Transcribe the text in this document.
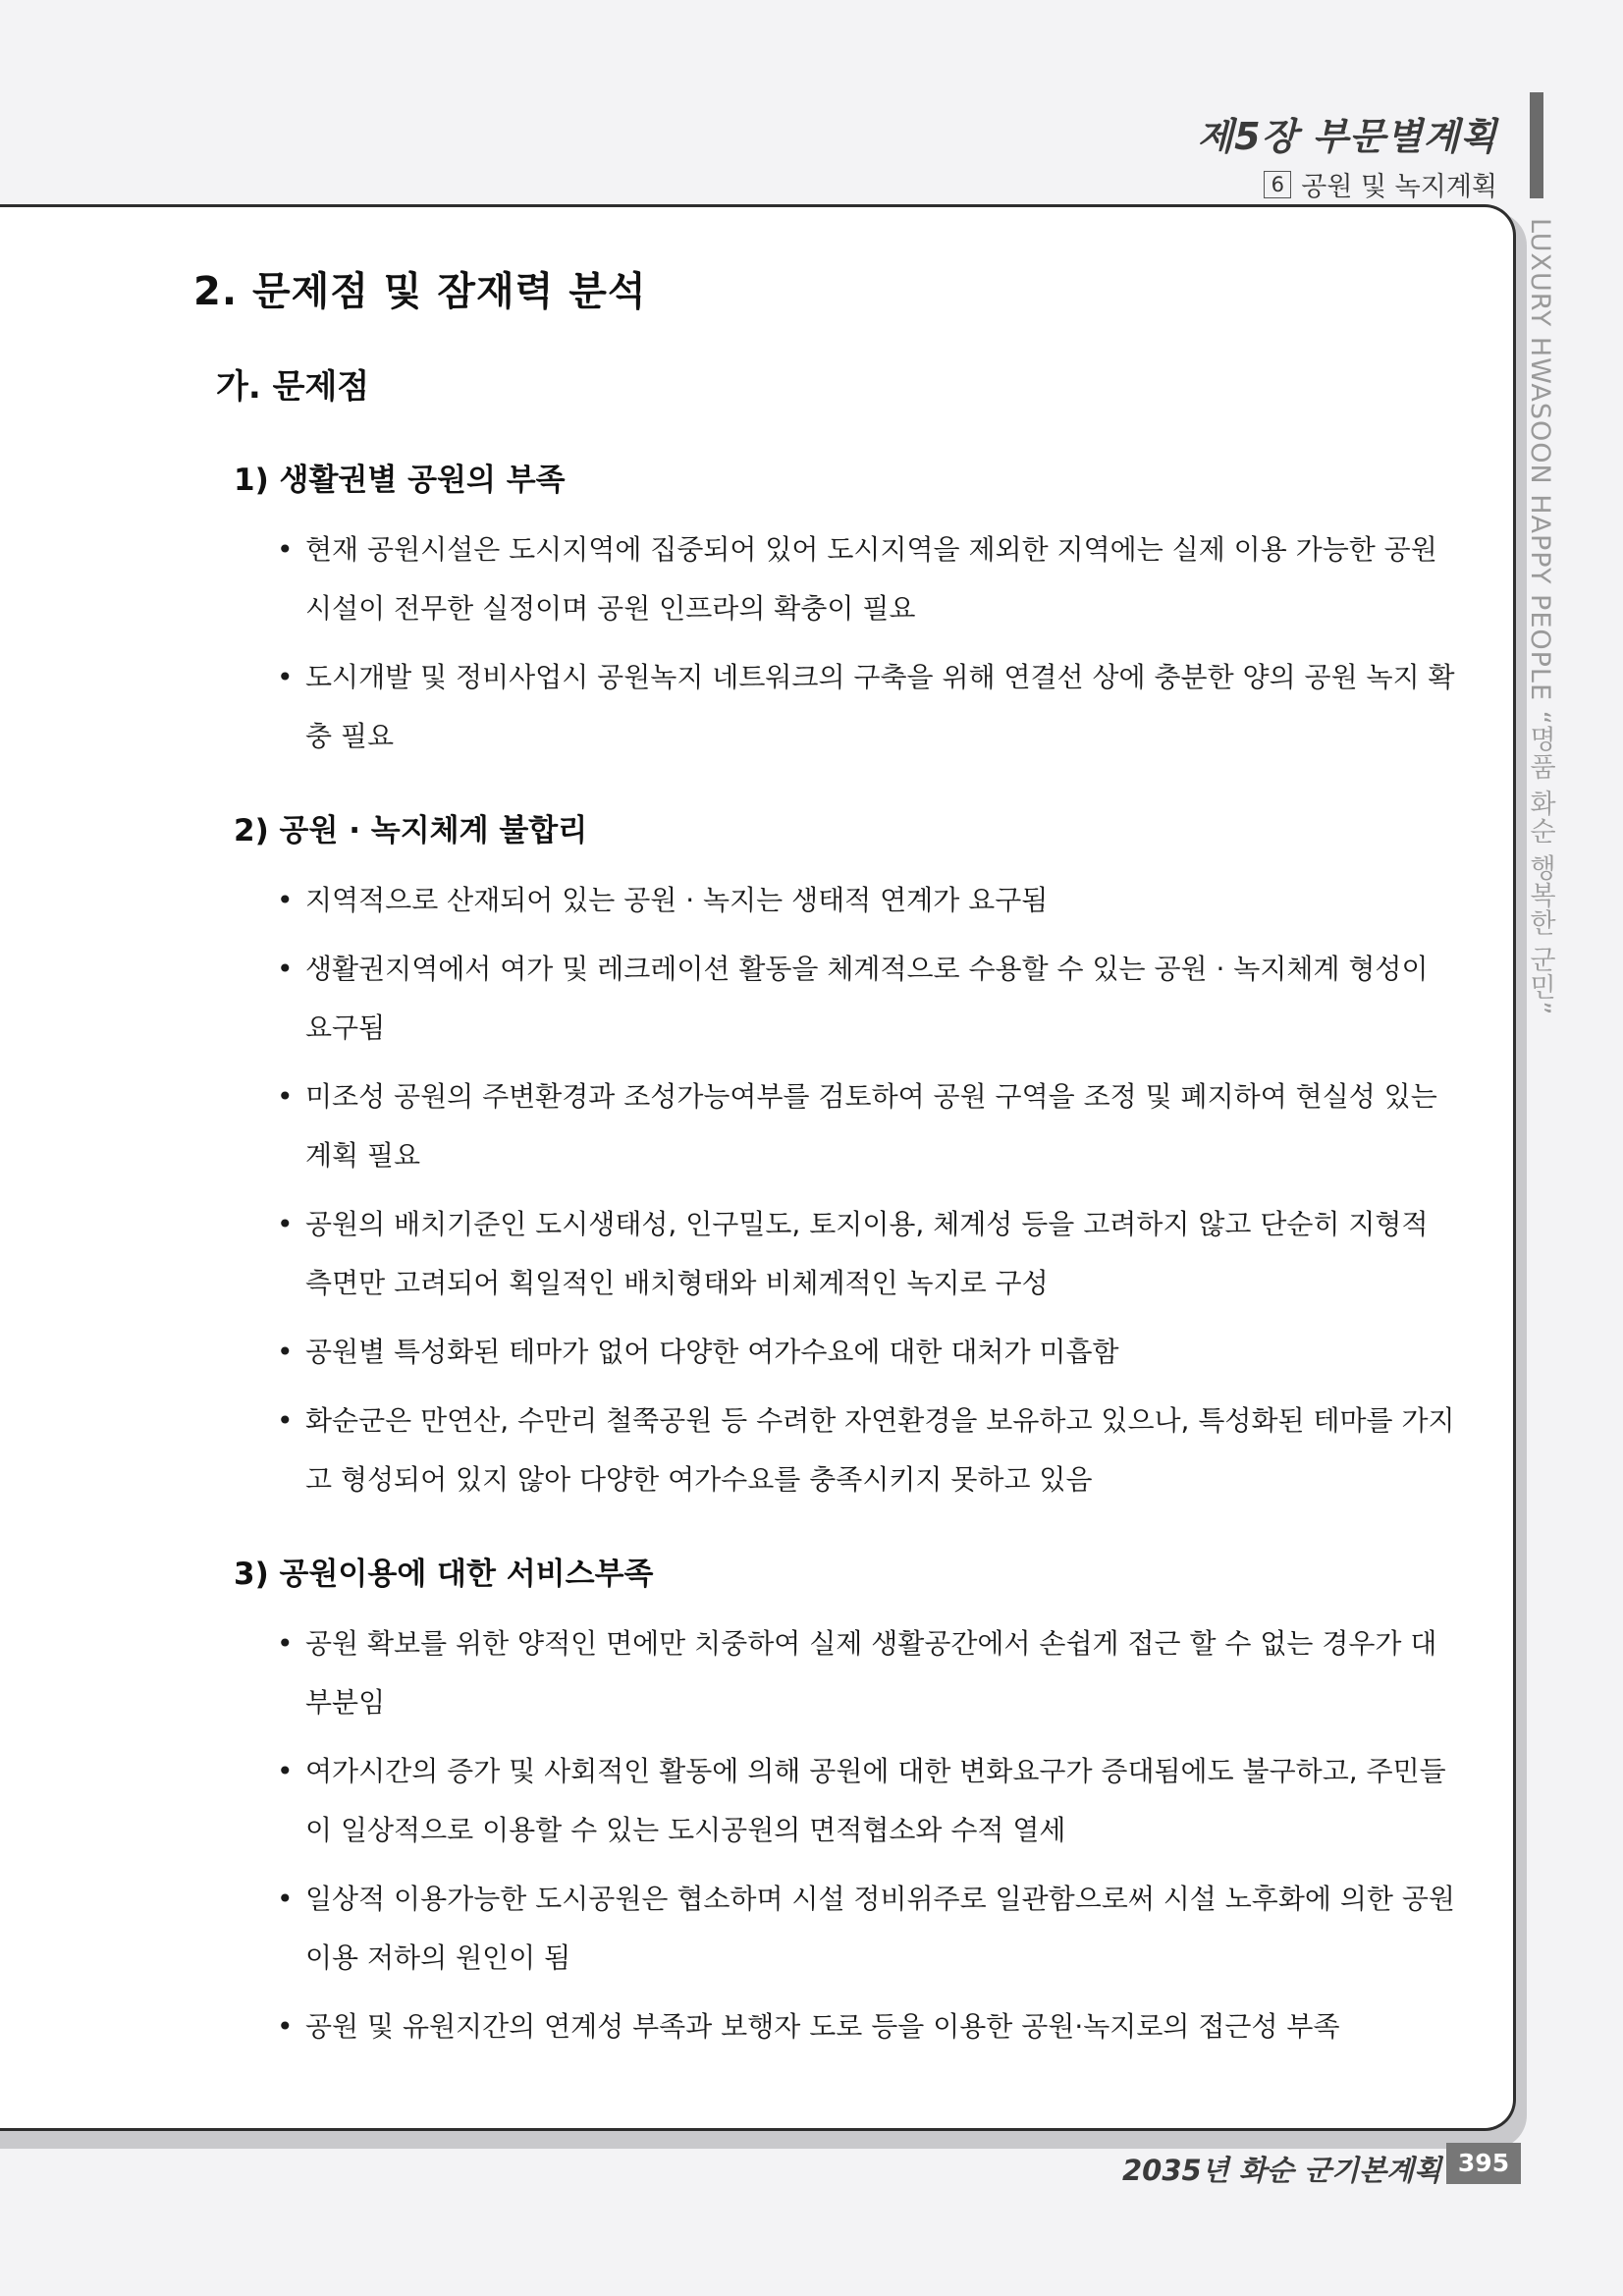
제5장 부문별계획
6 공원 및 녹지계획
LUXURY HWASOON HAPPY PEOPLE “명품 화순 행복한 군민”
2. 문제점 및 잠재력 분석
가. 문제점
1) 생활권별 공원의 부족
• 현재 공원시설은 도시지역에 집중되어 있어 도시지역을 제외한 지역에는 실제 이용 가능한 공원시설이 전무한 실정이며 공원 인프라의 확충이 필요
• 도시개발 및 정비사업시 공원녹지 네트워크의 구축을 위해 연결선 상에 충분한 양의 공원 녹지 확충 필요
2) 공원 · 녹지체계 불합리
• 지역적으로 산재되어 있는 공원 · 녹지는 생태적 연계가 요구됨
• 생활권지역에서 여가 및 레크레이션 활동을 체계적으로 수용할 수 있는 공원 · 녹지체계 형성이 요구됨
• 미조성 공원의 주변환경과 조성가능여부를 검토하여 공원 구역을 조정 및 폐지하여 현실성 있는 계획 필요
• 공원의 배치기준인 도시생태성, 인구밀도, 토지이용, 체계성 등을 고려하지 않고 단순히 지형적 측면만 고려되어 획일적인 배치형태와 비체계적인 녹지로 구성
• 공원별 특성화된 테마가 없어 다양한 여가수요에 대한 대처가 미흡함
• 화순군은 만연산, 수만리 철쭉공원 등 수려한 자연환경을 보유하고 있으나, 특성화된 테마를 가지고 형성되어 있지 않아 다양한 여가수요를 충족시키지 못하고 있음
3) 공원이용에 대한 서비스부족
• 공원 확보를 위한 양적인 면에만 치중하여 실제 생활공간에서 손쉽게 접근 할 수 없는 경우가 대부분임
• 여가시간의 증가 및 사회적인 활동에 의해 공원에 대한 변화요구가 증대됨에도 불구하고, 주민들이 일상적으로 이용할 수 있는 도시공원의 면적협소와 수적 열세
• 일상적 이용가능한 도시공원은 협소하며 시설 정비위주로 일관함으로써 시설 노후화에 의한 공원이용 저하의 원인이 됨
• 공원 및 유원지간의 연계성 부족과 보행자 도로 등을 이용한 공원·녹지로의 접근성 부족
2035년 화순 군기본계획 395
